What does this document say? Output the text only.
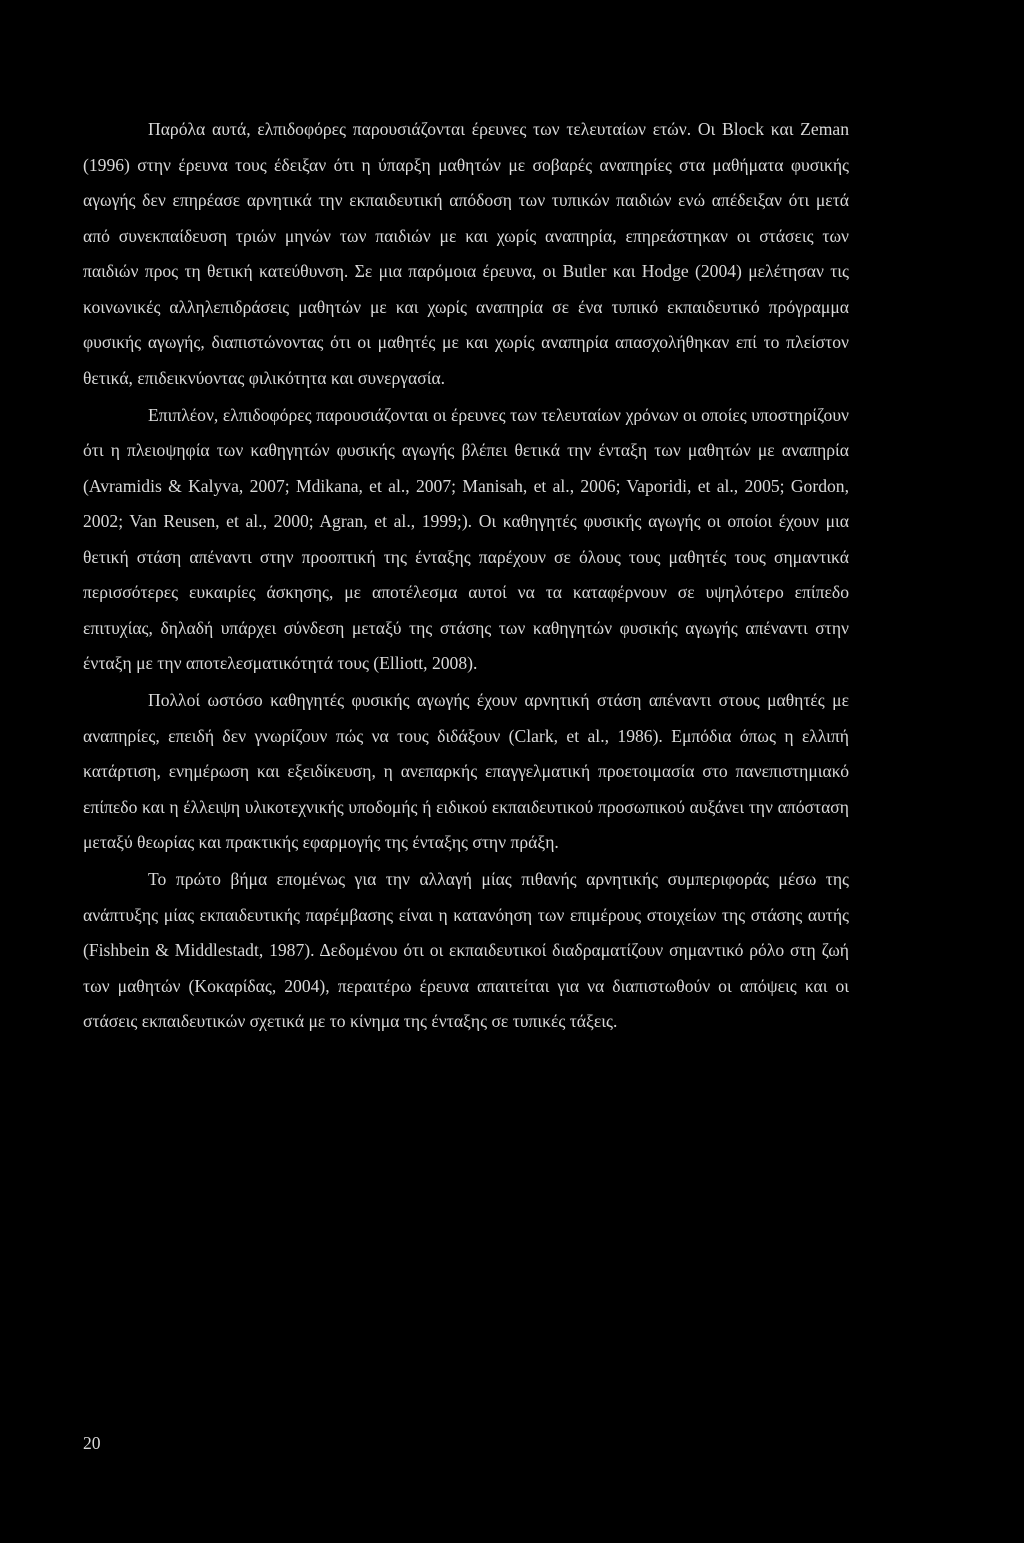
Παρόλα αυτά, ελπιδοφόρες παρουσιάζονται έρευνες των τελευταίων ετών. Οι Block και Zeman (1996) στην έρευνα τους έδειξαν ότι η ύπαρξη μαθητών με σοβαρές αναπηρίες στα μαθήματα φυσικής αγωγής δεν επηρέασε αρνητικά την εκπαιδευτική απόδοση των τυπικών παιδιών ενώ απέδειξαν ότι μετά από συνεκπαίδευση τριών μηνών των παιδιών με και χωρίς αναπηρία, επηρεάστηκαν οι στάσεις των παιδιών προς τη θετική κατεύθυνση. Σε μια παρόμοια έρευνα, οι Butler και Hodge (2004) μελέτησαν τις κοινωνικές αλληλεπιδράσεις μαθητών με και χωρίς αναπηρία σε ένα τυπικό εκπαιδευτικό πρόγραμμα φυσικής αγωγής, διαπιστώνοντας ότι οι μαθητές με και χωρίς αναπηρία απασχολήθηκαν επί το πλείστον θετικά, επιδεικνύοντας φιλικότητα και συνεργασία.

Επιπλέον, ελπιδοφόρες παρουσιάζονται οι έρευνες των τελευταίων χρόνων οι οποίες υποστηρίζουν ότι η πλειοψηφία των καθηγητών φυσικής αγωγής βλέπει θετικά την ένταξη των μαθητών με αναπηρία (Avramidis & Kalyva, 2007; Mdikana, et al., 2007; Manisah, et al., 2006; Vaporidi, et al., 2005; Gordon, 2002; Van Reusen, et al., 2000; Agran, et al., 1999;). Οι καθηγητές φυσικής αγωγής οι οποίοι έχουν μια θετική στάση απέναντι στην προοπτική της ένταξης παρέχουν σε όλους τους μαθητές τους σημαντικά περισσότερες ευκαιρίες άσκησης, με αποτέλεσμα αυτοί να τα καταφέρνουν σε υψηλότερο επίπεδο επιτυχίας, δηλαδή υπάρχει σύνδεση μεταξύ της στάσης των καθηγητών φυσικής αγωγής απέναντι στην ένταξη με την αποτελεσματικότητά τους (Elliott, 2008).

Πολλοί ωστόσο καθηγητές φυσικής αγωγής έχουν αρνητική στάση απέναντι στους μαθητές με αναπηρίες, επειδή δεν γνωρίζουν πώς να τους διδάξουν (Clark, et al., 1986). Εμπόδια όπως η ελλιπή κατάρτιση, ενημέρωση και εξειδίκευση, η ανεπαρκής επαγγελματική προετοιμασία στο πανεπιστημιακό επίπεδο και η έλλειψη υλικοτεχνικής υποδομής ή ειδικού εκπαιδευτικού προσωπικού αυξάνει την απόσταση μεταξύ θεωρίας και πρακτικής εφαρμογής της ένταξης στην πράξη.

Το πρώτο βήμα επομένως για την αλλαγή μίας πιθανής αρνητικής συμπεριφοράς μέσω της ανάπτυξης μίας εκπαιδευτικής παρέμβασης είναι η κατανόηση των επιμέρους στοιχείων της στάσης αυτής (Fishbein & Middlestadt, 1987). Δεδομένου ότι οι εκπαιδευτικοί διαδραματίζουν σημαντικό ρόλο στη ζωή των μαθητών (Κοκαρίδας, 2004), περαιτέρω έρευνα απαιτείται για να διαπιστωθούν οι απόψεις και οι στάσεις εκπαιδευτικών σχετικά με το κίνημα της ένταξης σε τυπικές τάξεις.

20
